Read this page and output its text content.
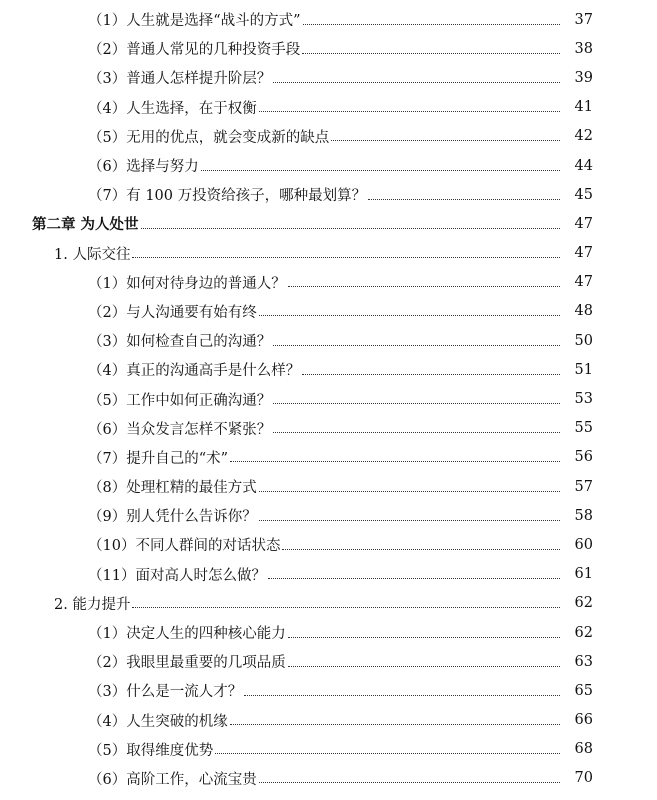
（1）人生就是选择“战斗的方式”	37
（2）普通人常见的几种投资手段	38
（3）普通人怎样提升阶层？	39
（4）人生选择，在于权衡	41
（5）无用的优点，就会变成新的缺点	42
（6）选择与努力	44
（7）有 100 万投资给孩子，哪种最划算？	45
第二章 为人处世	47
1. 人际交往	47
（1）如何对待身边的普通人？	47
（2）与人沟通要有始有终	48
（3）如何检查自己的沟通？	50
（4）真正的沟通高手是什么样？	51
（5）工作中如何正确沟通？	53
（6）当众发言怎样不紧张？	55
（7）提升自己的“术”	56
（8）处理杠精的最佳方式	57
（9）别人凭什么告诉你？	58
（10）不同人群间的对话状态	60
（11）面对高人时怎么做？	61
2. 能力提升	62
（1）决定人生的四种核心能力	62
（2）我眼里最重要的几项品质	63
（3）什么是一流人才？	65
（4）人生突破的机缘	66
（5）取得维度优势	68
（6）高阶工作，心流宝贵	70
